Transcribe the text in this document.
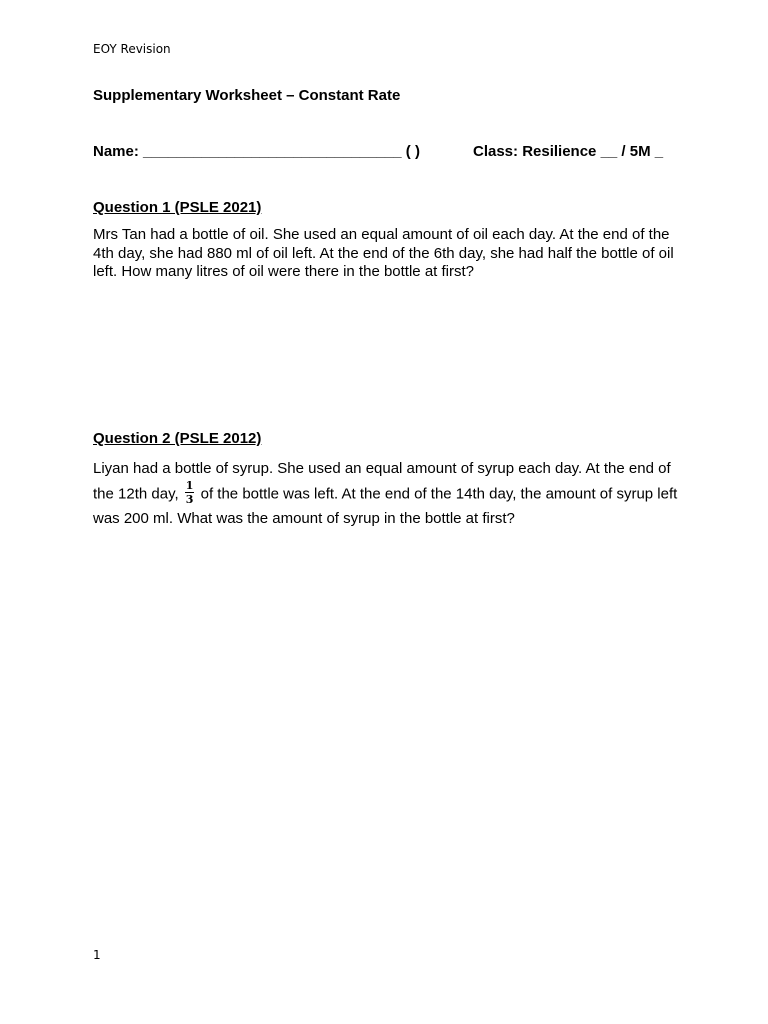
EOY Revision
Supplementary Worksheet – Constant Rate
Name: _______________________________ ( )	Class: Resilience __ / 5M _
Question 1 (PSLE 2021)
Mrs Tan had a bottle of oil. She used an equal amount of oil each day. At the end of the 4th day, she had 880 ml of oil left. At the end of the 6th day, she had half the bottle of oil left. How many litres of oil were there in the bottle at first?
Question 2 (PSLE 2012)
Liyan had a bottle of syrup. She used an equal amount of syrup each day. At the end of the 12th day, $\frac{1}{3}$ of the bottle was left. At the end of the 14th day, the amount of syrup left was 200 ml. What was the amount of syrup in the bottle at first?
1
